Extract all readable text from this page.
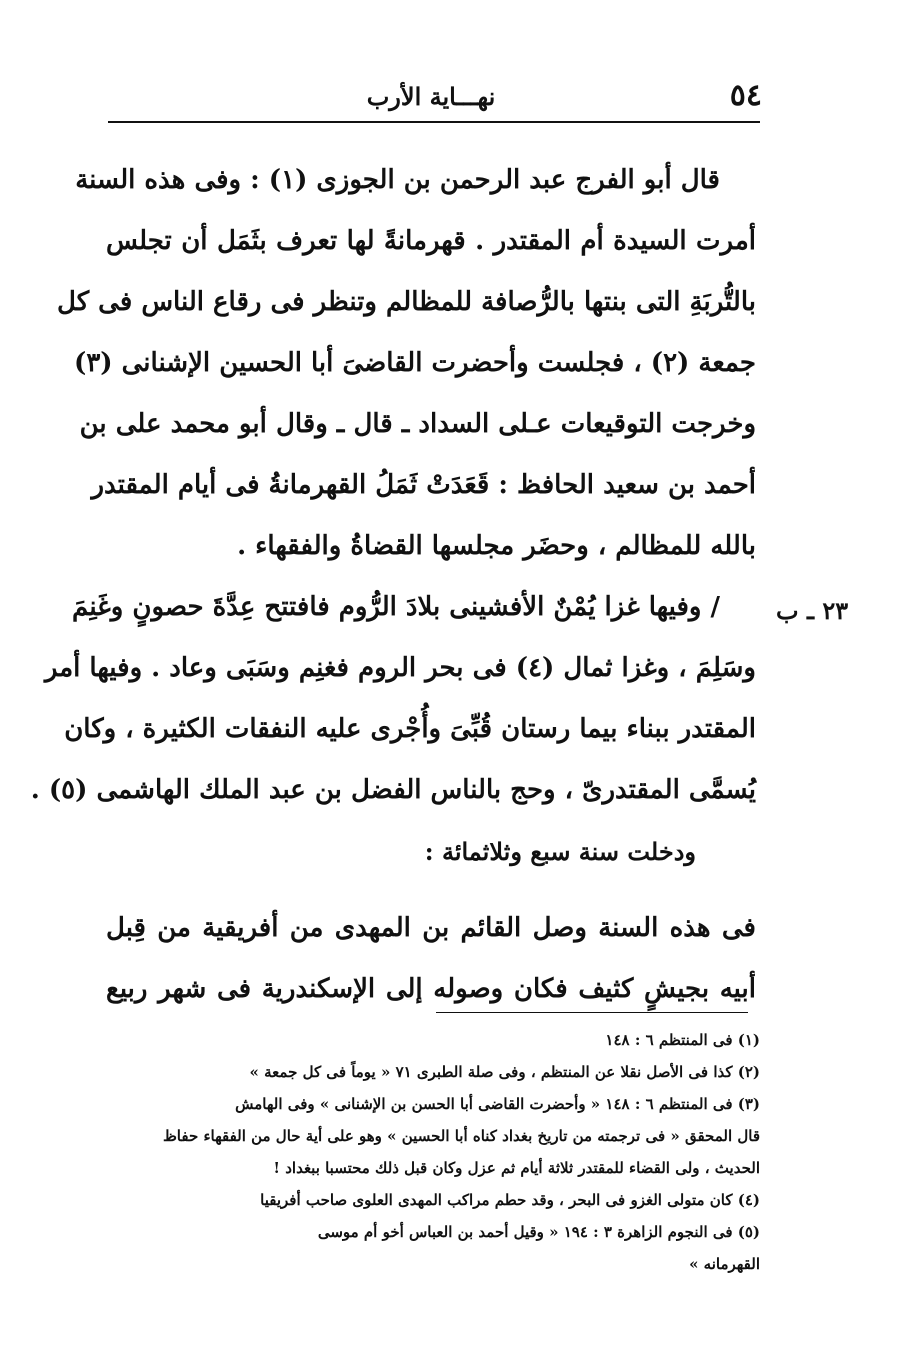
٥٤
نهـــاية الأرب
٢٣ ـ ب
قال أبو الفرج عبد الرحمن بن الجوزى (١) : وفى هذه السنة
أمرت السيدة أم المقتدر . قهرمانةً لها تعرف بثَمَل أن تجلس
بالتُّربَةِ التى بنتها بالرُّصافة للمظالم وتنظر فى رقاع الناس فى كل
جمعة (٢) ، فجلست وأحضرت القاضىَ أبا الحسين الإشنانى (٣)
وخرجت التوقيعات عـلى السداد ـ قال ـ وقال أبو محمد على بن
أحمد بن سعيد الحافظ : قَعَدَتْ ثَمَلُ القهرمانةُ فى أيام المقتدر
بالله للمظالم ، وحضَر مجلسها القضاةُ والفقهاء .
/ وفيها غزا يُمْنٌ الأفشينى بلادَ الرُّوم فافتتح عِدَّةَ حصونٍ وغَنِمَ
وسَلِمَ ، وغزا ثمال (٤) فى بحر الروم فغنِم وسَبَى وعاد . وفيها أمر
المقتدر ببناء بيما رستان قُبِّىَ وأُجْرى عليه النفقات الكثيرة ، وكان
يُسمَّى المقتدرىّ ، وحج بالناس الفضل بن عبد الملك الهاشمى (٥) .
ودخلت سنة سبع وثلاثمائة :
فى هذه السنة وصل القائم بن المهدى من أفريقية من قِبل
أبيه بجيشٍ كثيف فكان وصوله إلى الإسكندرية فى شهر ربيع
(١) فى المنتظم ٦ : ١٤٨
(٢) كذا فى الأصل نقلا عن المنتظم ، وفى صلة الطبرى ٧١ « يوماً فى كل جمعة »
(٣) فى المنتظم ٦ : ١٤٨ « وأحضرت القاضى أبا الحسن بن الإشنانى » وفى الهامش
قال المحقق « فى ترجمته من تاريخ بغداد كناه أبا الحسين » وهو على أية حال من الفقهاء حفاظ
الحديث ، ولى القضاء للمقتدر ثلاثة أيام ثم عزل وكان قبل ذلك محتسبا ببغداد !
(٤) كان متولى الغزو فى البحر ، وقد حطم مراكب المهدى العلوى صاحب أفريقيا
(٥) فى النجوم الزاهرة ٣ : ١٩٤ « وقيل أحمد بن العباس أخو أم موسى
القهرمانه »
